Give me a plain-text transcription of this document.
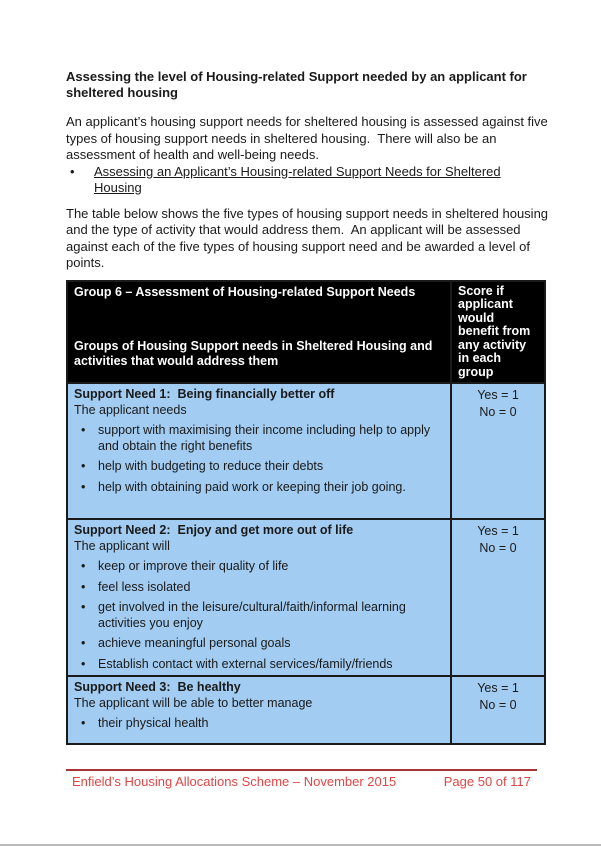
Assessing the level of Housing-related Support needed by an applicant for sheltered housing

An applicant’s housing support needs for sheltered housing is assessed against five types of housing support needs in sheltered housing.  There will also be an assessment of health and well-being needs.

•
Assessing an Applicant’s Housing-related Support Needs for Sheltered Housing

The table below shows the five types of housing support needs in sheltered housing and the type of activity that would address them.  An applicant will be assessed against each of the five types of housing support need and be awarded a level of points.

Group 6 – Assessment of Housing-related Support Needs
Groups of Housing Support needs in Sheltered Housing and activities that would address them	Score if applicant would benefit from any activity in each group

Support Need 1:  Being financially better off
The applicant needs
•
support with maximising their income including help to apply and obtain the right benefits
•
help with budgeting to reduce their debts
•
help with obtaining paid work or keeping their job going.

Yes = 1
No = 0

Support Need 2:  Enjoy and get more out of life
The applicant will
•
keep or improve their quality of life
•
feel less isolated
•
get involved in the leisure/cultural/faith/informal learning activities you enjoy
•
achieve meaningful personal goals
•
Establish contact with external services/family/friends

Yes = 1
No = 0

Support Need 3:  Be healthy
The applicant will be able to better manage
•
their physical health

Yes = 1
No = 0
Enfield’s Housing Allocations Scheme – November 2015	Page 50 of 117
